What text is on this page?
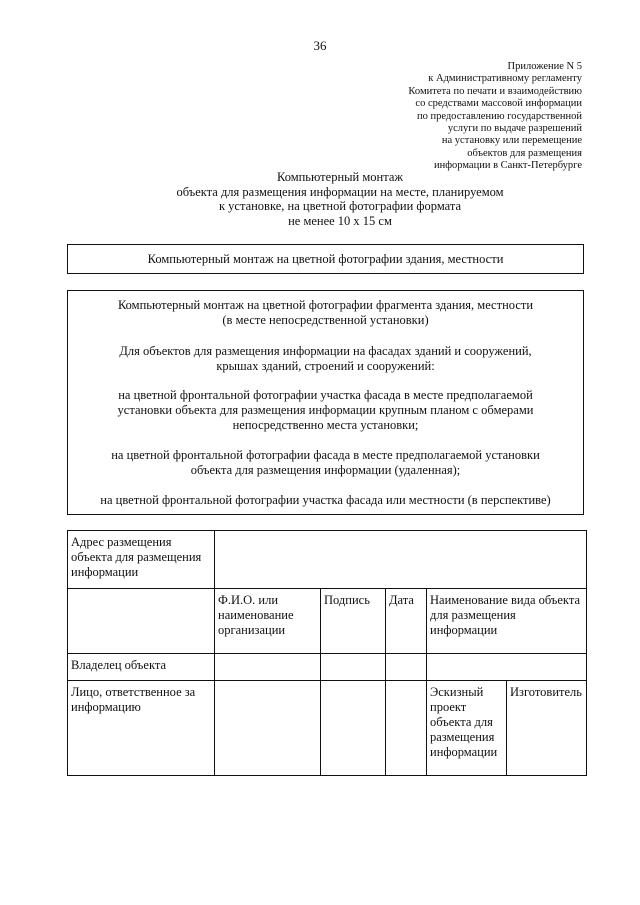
36
Приложение N 5
к Административному регламенту
Комитета по печати и взаимодействию
со средствами массовой информации
по предоставлению государственной
услуги по выдаче разрешений
на установку или перемещение
объектов для размещения
информации в Санкт-Петербурге
Компьютерный монтаж
объекта для размещения информации на месте, планируемом
к установке, на цветной фотографии формата
не менее 10 х 15 см
Компьютерный монтаж на цветной фотографии здания, местности
Компьютерный монтаж на цветной фотографии фрагмента здания, местности
(в месте непосредственной установки)
Для объектов для размещения информации на фасадах зданий и сооружений,
крышах зданий, строений и сооружений:
на цветной фронтальной фотографии участка фасада в месте предполагаемой
установки объекта для размещения информации крупным планом с обмерами
непосредственно места установки;
на цветной фронтальной фотографии фасада в месте предполагаемой установки
объекта для размещения информации (удаленная);
на цветной фронтальной фотографии участка фасада или местности (в перспективе)
Адрес размещения объекта для размещения информации					
	Ф.И.О. или наименование организации	Подпись	Дата	Наименование вида объекта для размещения информации	
Владелец объекта					
Лицо, ответственное за информацию				Эскизный проект объекта для размещения информации	Изготовитель
